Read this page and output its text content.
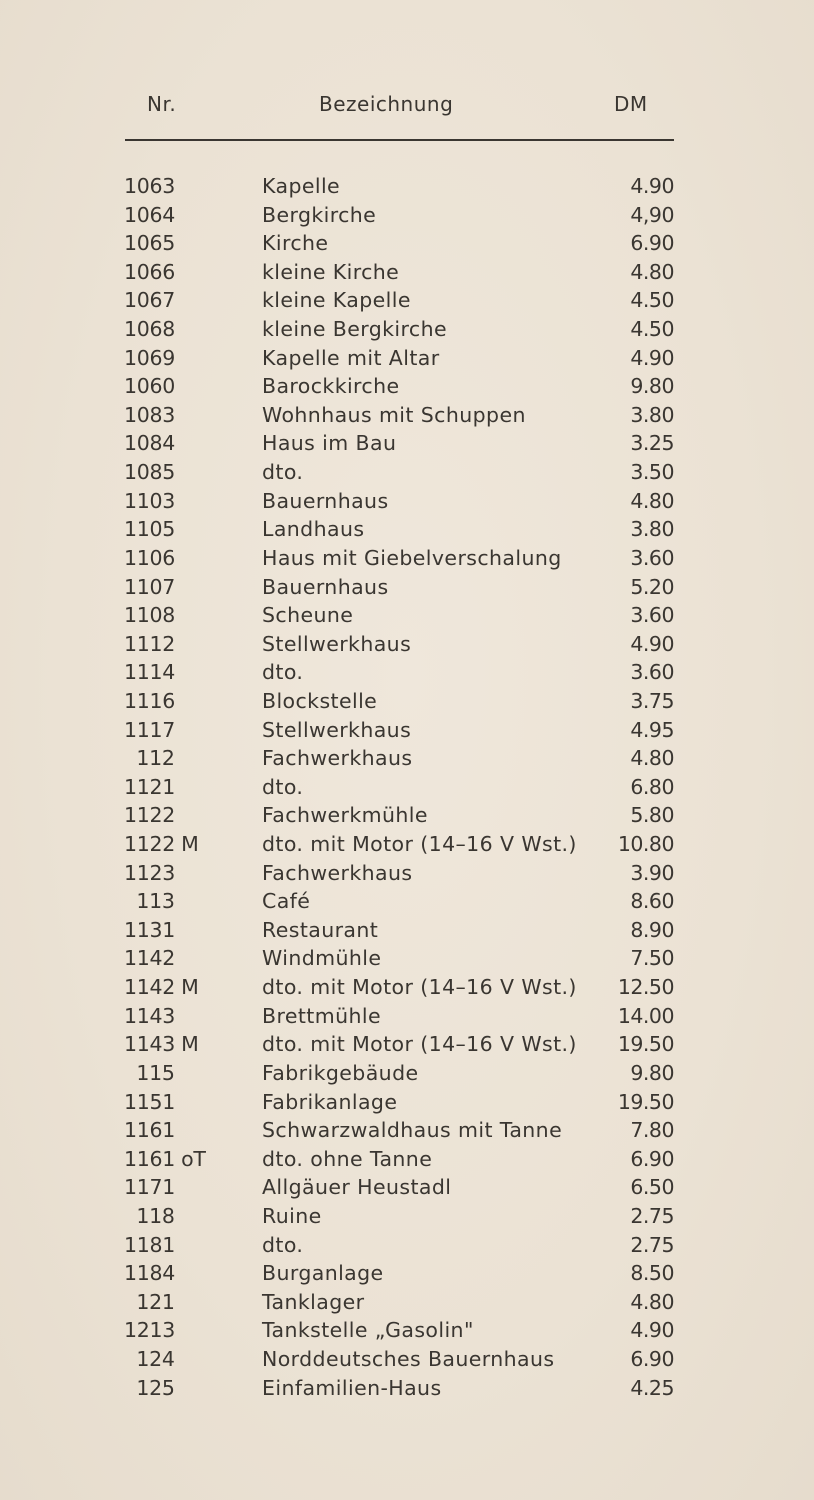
Nr.	Bezeichnung	DM
1063	Kapelle	4.90
1064	Bergkirche	4,90
1065	Kirche	6.90
1066	kleine Kirche	4.80
1067	kleine Kapelle	4.50
1068	kleine Bergkirche	4.50
1069	Kapelle mit Altar	4.90
1060	Barockkirche	9.80
1083	Wohnhaus mit Schuppen	3.80
1084	Haus im Bau	3.25
1085	dto.	3.50
1103	Bauernhaus	4.80
1105	Landhaus	3.80
1106	Haus mit Giebelverschalung	3.60
1107	Bauernhaus	5.20
1108	Scheune	3.60
1112	Stellwerkhaus	4.90
1114	dto.	3.60
1116	Blockstelle	3.75
1117	Stellwerkhaus	4.95
112	Fachwerkhaus	4.80
1121	dto.	6.80
1122	Fachwerkmühle	5.80
1122 M	dto. mit Motor (14–16 V Wst.) 10.80
1123	Fachwerkhaus	3.90
113	Café	8.60
1131	Restaurant	8.90
1142	Windmühle	7.50
1142 M	dto. mit Motor (14–16 V Wst.) 12.50
1143	Brettmühle	14.00
1143 M	dto. mit Motor (14–16 V Wst.) 19.50
115	Fabrikgebäude	9.80
1151	Fabrikanlage	19.50
1161	Schwarzwaldhaus mit Tanne	7.80
1161 oT	dto. ohne Tanne	6.90
1171	Allgäuer Heustadl	6.50
118	Ruine	2.75
1181	dto.	2.75
1184	Burganlage	8.50
121	Tanklager	4.80
1213	Tankstelle „Gasolin"	4.90
124	Norddeutsches Bauernhaus	6.90
125	Einfamilien-Haus	4.25
